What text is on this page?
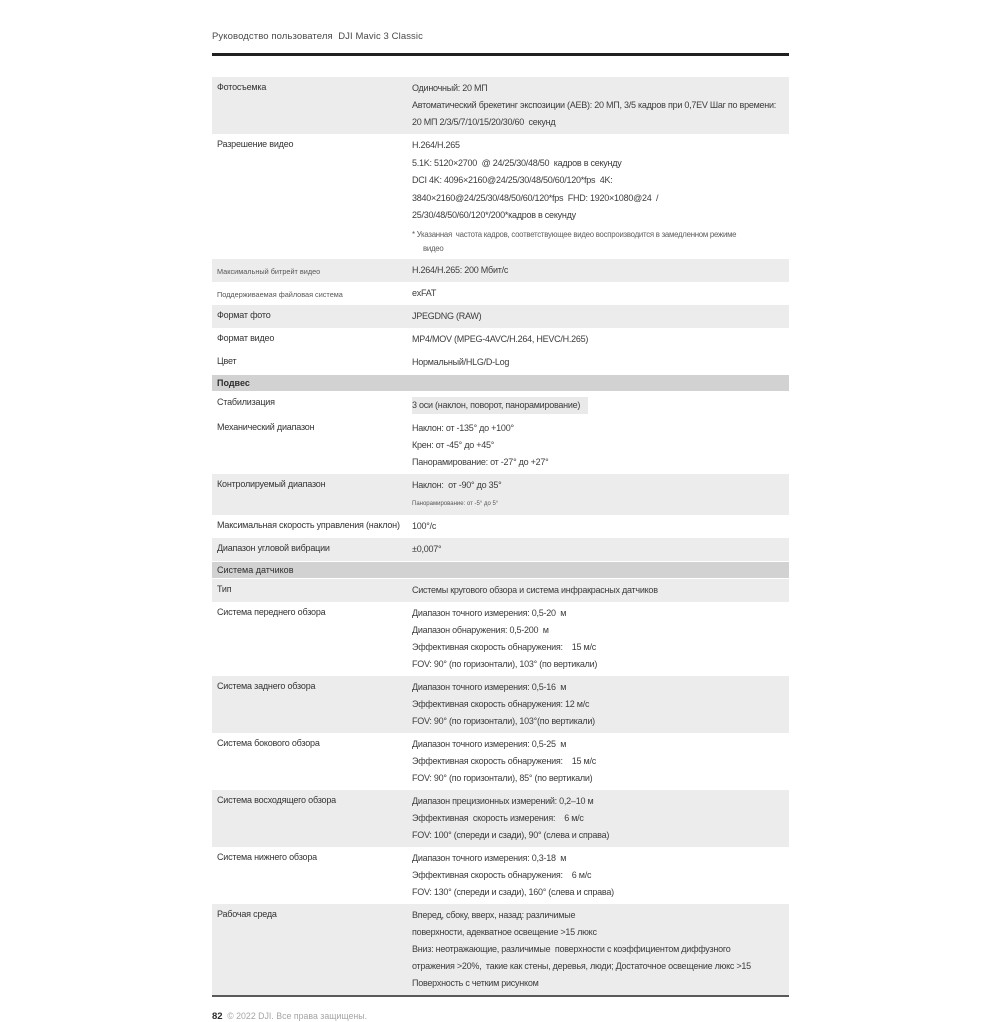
Руководство пользователя  DJI Mavic 3 Classic
Фотосъемка	Одиночный: 20 МП
Автоматический брекетинг экспозиции (AEB): 20 МП, 3/5 кадров при 0,7EV Шаг по времени:
20 МП 2/3/5/7/10/15/20/30/60  секунд
Разрешение видео	H.264/H.265
5.1K: 5120×2700  @ 24/25/30/48/50  кадров в секунду
DCI 4K: 4096×2160@24/25/30/48/50/60/120*fps  4K:
3840×2160@24/25/30/48/50/60/120*fps  FHD: 1920×1080@24  /
25/30/48/50/60/120*/200*кадров в секунду
* Указанная  частота кадров, соответствующее видео воспроизводится в замедленном режиме
видео
Максимальный битрейт видео	H.264/H.265: 200 Мбит/с
Поддерживаемая файловая система	exFAT
Формат фото	JPEGDNG (RAW)
Формат видео	MP4/MOV (MPEG-4AVC/H.264, HEVC/H.265)
Цвет	Нормальный/HLG/D-Log
Подвес
Стабилизация	3 оси (наклон, поворот, панорамирование)
Механический диапазон	Наклон: от -135° до +100°
Крен: от -45° до +45°
Панорамирование: от -27° до +27°
Контролируемый диапазон	Наклон:  от -90° до 35°
Панорамирование: от -5° до 5°
Максимальная скорость управления (наклон)	100°/с
Диапазон угловой вибрации	±0,007°
Система датчиков
Тип	Системы кругового обзора и система инфракрасных датчиков
Система переднего обзора	Диапазон точного измерения: 0,5-20  м
Диапазон обнаружения: 0,5-200  м
Эффективная скорость обнаружения:    15 м/с
FOV: 90° (по горизонтали), 103° (по вертикали)
Система заднего обзора	Диапазон точного измерения: 0,5-16  м
Эффективная скорость обнаружения: 12 м/с
FOV: 90° (по горизонтали), 103°(по вертикали)
Система бокового обзора	Диапазон точного измерения: 0,5-25  м
Эффективная скорость обнаружения:    15 м/с
FOV: 90° (по горизонтали), 85° (по вертикали)
Система восходящего обзора	Диапазон прецизионных измерений: 0,2–10 м
Эффективная  скорость измерения:    6 м/с
FOV: 100° (спереди и сзади), 90° (слева и справа)
Система нижнего обзора	Диапазон точного измерения: 0,3-18  м
Эффективная скорость обнаружения:    6 м/с
FOV: 130° (спереди и сзади), 160° (слева и справа)
Рабочая среда	Вперед, сбоку, вверх, назад: различимые
поверхности, адекватное освещение >15 люкс
Вниз: неотражающие, различимые  поверхности с коэффициентом диффузного
отражения >20%,  такие как стены, деревья, люди; Достаточное освещение люкс >15
Поверхность с четким рисунком
82 © 2022 DJI. Все права защищены.
